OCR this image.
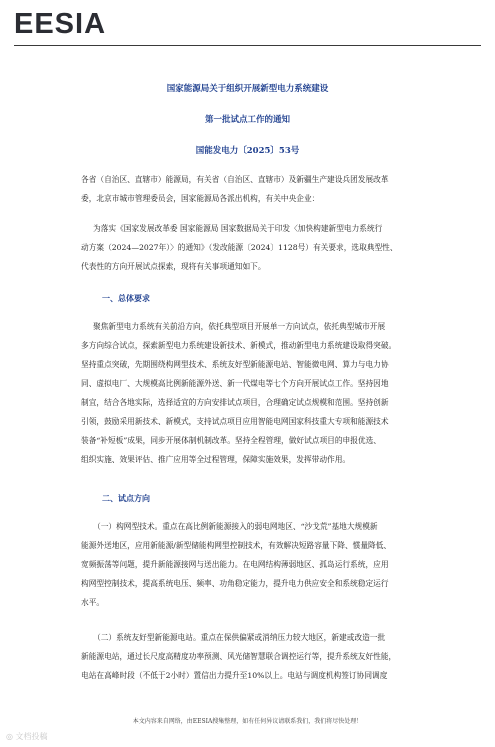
EESIA
国家能源局关于组织开展新型电力系统建设
第一批试点工作的通知
国能发电力〔2025〕53号
各省（自治区、直辖市）能源局，有关省（自治区、直辖市）及新疆生产建设兵团发展改革
委，北京市城市管理委员会，国家能源局各派出机构，有关中央企业：
为落实《国家发展改革委 国家能源局 国家数据局关于印发〈加快构建新型电力系统行
动方案（2024—2027年）〉的通知》（发改能源〔2024〕1128号）有关要求，选取典型性、
代表性的方向开展试点探索，现将有关事项通知如下。
一、总体要求
聚焦新型电力系统有关前沿方向，依托典型项目开展单一方向试点，依托典型城市开展
多方向综合试点，探索新型电力系统建设新技术、新模式，推动新型电力系统建设取得突破。
坚持重点突破，先期围绕构网型技术、系统友好型新能源电站、智能微电网、算力与电力协
同、虚拟电厂、大规模高比例新能源外送、新一代煤电等七个方向开展试点工作。坚持因地
制宜，结合各地实际，选择适宜的方向安排试点项目，合理确定试点规模和范围。坚持创新
引领，鼓励采用新技术、新模式，支持试点项目应用智能电网国家科技重大专项和能源技术
装备“补短板”成果，同步开展体制机制改革。坚持全程管理，做好试点项目的申报优选、
组织实施、效果评估、推广应用等全过程管理，保障实施效果，发挥带动作用。
二、试点方向
（一）构网型技术。重点在高比例新能源接入的弱电网地区、“沙戈荒”基地大规模新
能源外送地区，应用新能源/新型储能构网型控制技术，有效解决短路容量下降、惯量降低、
宽频振荡等问题，提升新能源接网与送出能力。在电网结构薄弱地区、孤岛运行系统，应用
构网型控制技术，提高系统电压、频率、功角稳定能力，提升电力供应安全和系统稳定运行
水平。
（二）系统友好型新能源电站。重点在保供偏紧或消纳压力较大地区，新建或改造一批
新能源电站，通过长尺度高精度功率预测、风光储智慧联合调控运行等，提升系统友好性能，
电站在高峰时段（不低于2小时）置信出力提升至10%以上。电站与调度机构签订协同调度
本文内容来自网络，由EESIA搜集整理，如有任何异议请联系我们，我们将尽快处理！
◎ 文档投稿
